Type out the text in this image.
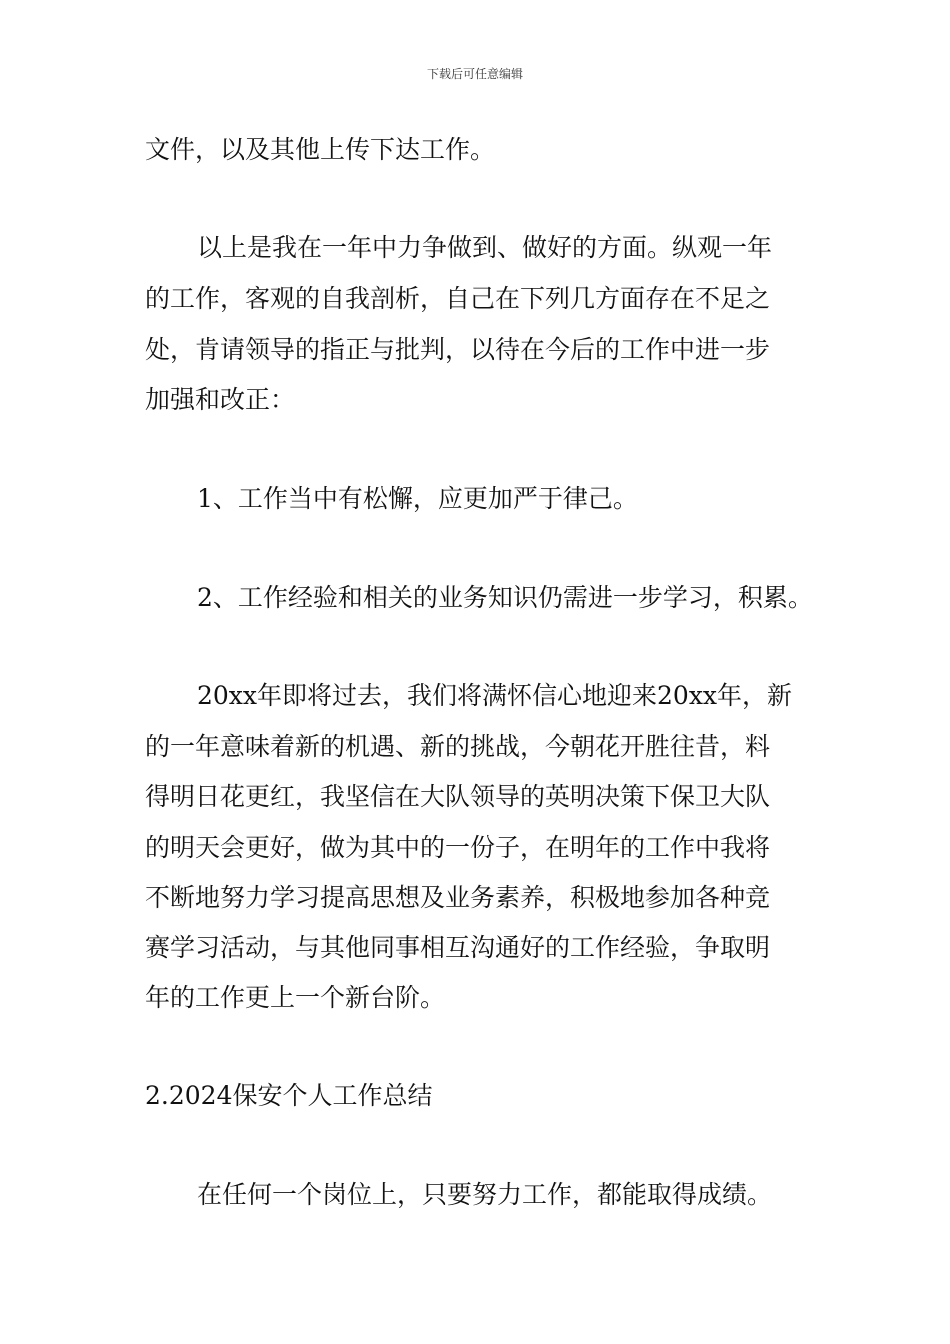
下载后可任意编辑
文件，以及其他上传下达工作。
以上是我在一年中力争做到、做好的方面。纵观一年
的工作，客观的自我剖析，自己在下列几方面存在不足之
处，肯请领导的指正与批判，以待在今后的工作中进一步
加强和改正：
1、工作当中有松懈，应更加严于律己。
2、工作经验和相关的业务知识仍需进一步学习，积累。
20xx年即将过去，我们将满怀信心地迎来20xx年，新
的一年意味着新的机遇、新的挑战，今朝花开胜往昔，料
得明日花更红，我坚信在大队领导的英明决策下保卫大队
的明天会更好，做为其中的一份子，在明年的工作中我将
不断地努力学习提高思想及业务素养，积极地参加各种竞
赛学习活动，与其他同事相互沟通好的工作经验，争取明
年的工作更上一个新台阶。
2.2024保安个人工作总结
在任何一个岗位上，只要努力工作，都能取得成绩。
